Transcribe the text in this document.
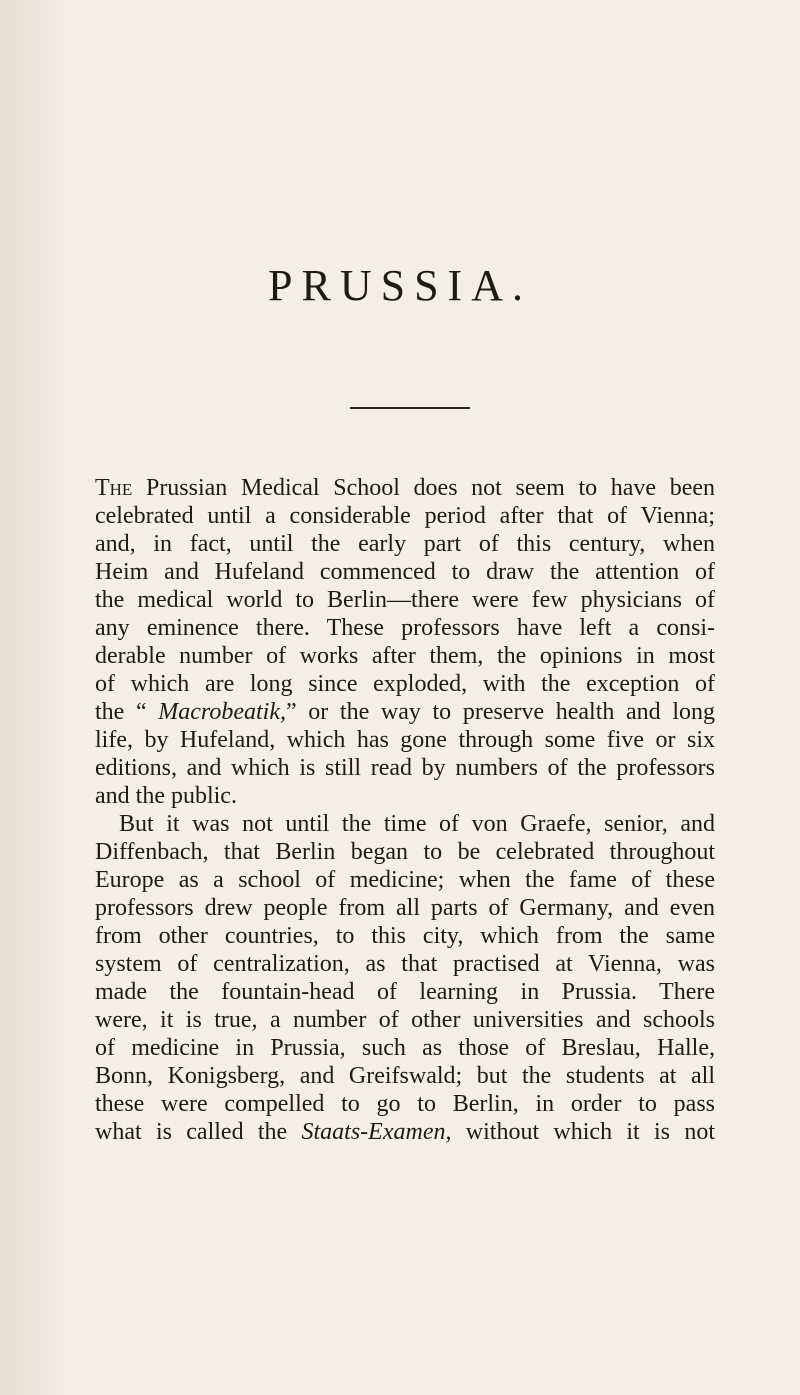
PRUSSIA.
The Prussian Medical School does not seem to have been
celebrated until a considerable period after that of Vienna;
and, in fact, until the early part of this century, when
Heim and Hufeland commenced to draw the attention of
the medical world to Berlin—there were few physicians of
any eminence there. These professors have left a consi-
derable number of works after them, the opinions in most
of which are long since exploded, with the exception of
the “ Macrobeatik,” or the way to preserve health and long
life, by Hufeland, which has gone through some five or six
editions, and which is still read by numbers of the professors
and the public.
But it was not until the time of von Graefe, senior, and
Diffenbach, that Berlin began to be celebrated throughout
Europe as a school of medicine; when the fame of these
professors drew people from all parts of Germany, and even
from other countries, to this city, which from the same
system of centralization, as that practised at Vienna, was
made the fountain-head of learning in Prussia. There
were, it is true, a number of other universities and schools
of medicine in Prussia, such as those of Breslau, Halle,
Bonn, Konigsberg, and Greifswald; but the students at all
these were compelled to go to Berlin, in order to pass
what is called the Staats-Examen, without which it is not
